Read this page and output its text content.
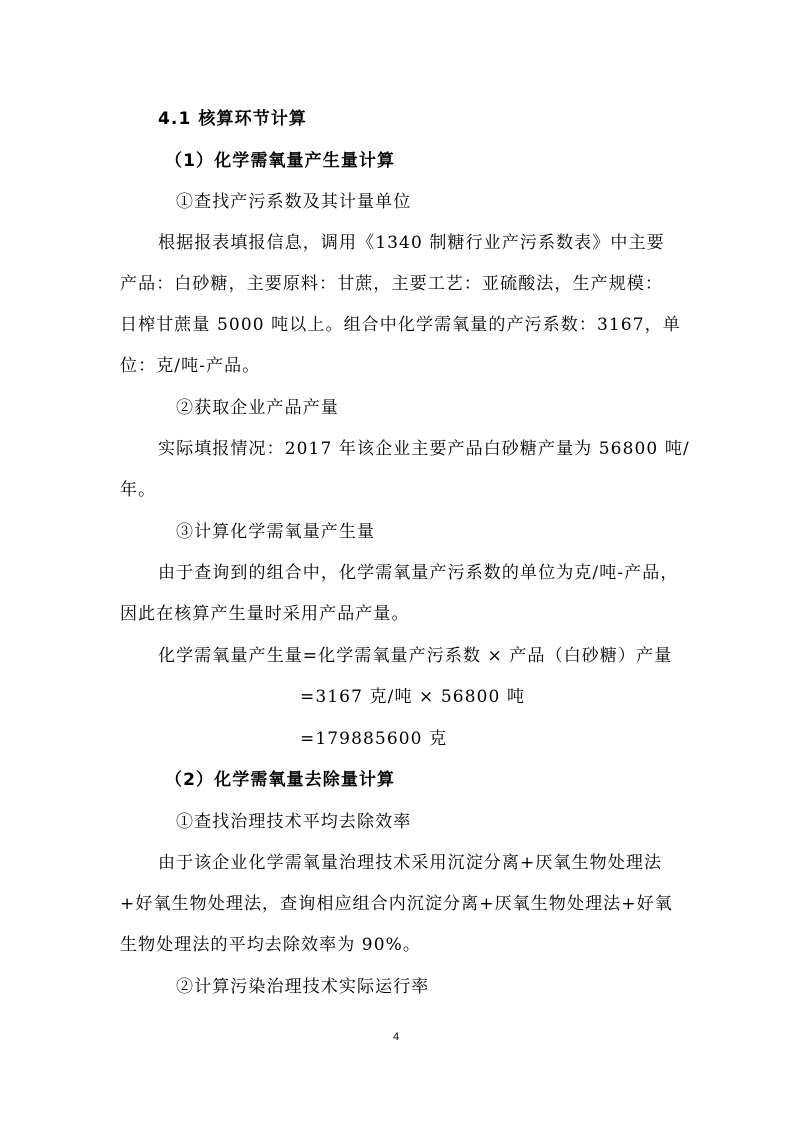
4.1 核算环节计算
（1）化学需氧量产生量计算
①查找产污系数及其计量单位
根据报表填报信息，调用《1340 制糖行业产污系数表》中主要
产品：白砂糖，主要原料：甘蔗，主要工艺：亚硫酸法，生产规模：
日榨甘蔗量 5000 吨以上。组合中化学需氧量的产污系数：3167，单
位：克/吨-产品。
②获取企业产品产量
实际填报情况：2017 年该企业主要产品白砂糖产量为 56800 吨/
年。
③计算化学需氧量产生量
由于查询到的组合中，化学需氧量产污系数的单位为克/吨-产品，
因此在核算产生量时采用产品产量。
化学需氧量产生量=化学需氧量产污系数 × 产品（白砂糖）产量
=3167 克/吨 × 56800 吨
=179885600 克
（2）化学需氧量去除量计算
①查找治理技术平均去除效率
由于该企业化学需氧量治理技术采用沉淀分离+厌氧生物处理法
+好氧生物处理法，查询相应组合内沉淀分离+厌氧生物处理法+好氧
生物处理法的平均去除效率为 90%。
②计算污染治理技术实际运行率
4
